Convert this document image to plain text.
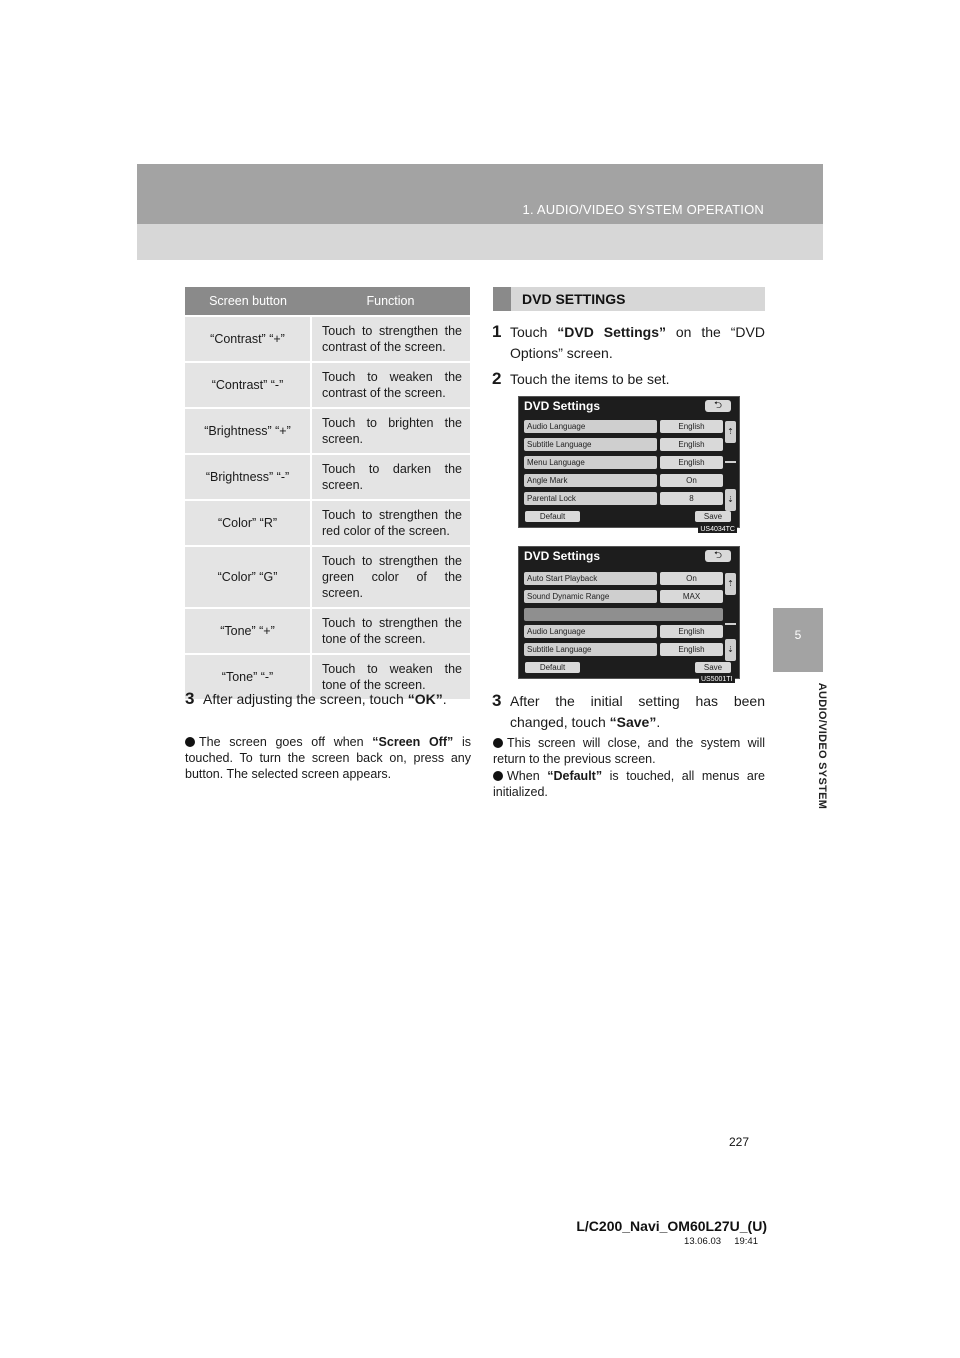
1. AUDIO/VIDEO SYSTEM OPERATION
5
AUDIO/VIDEO SYSTEM
Screen button	Function
“Contrast” “+”	Touch to strengthen the contrast of the screen.
“Contrast” “-”	Touch to weaken the contrast of the screen.
“Brightness” “+”	Touch to brighten the screen.
“Brightness” “-”	Touch to darken the screen.
“Color” “R”	Touch to strengthen the red color of the screen.
“Color” “G”	Touch to strengthen the green color of the screen.
“Tone” “+”	Touch to strengthen the tone of the screen.
“Tone” “-”	Touch to weaken the tone of the screen.
3 After adjusting the screen, touch “OK”.
The screen goes off when “Screen Off” is touched. To turn the screen back on, press any button. The selected screen appears.
DVD SETTINGS
1 Touch “DVD Settings” on the “DVD Options” screen.
2 Touch the items to be set.
DVD Settings	⮌
Audio Language	English
Subtitle Language	English
Menu Language	English
Angle Mark	On
Parental Lock	8
⇡
⇣
Default	Save
US4034TC
DVD Settings	⮌
Auto Start Playback	On
Sound Dynamic Range	MAX
Audio Language	English
Subtitle Language	English
⇡
⇣
Default	Save
US5001TI
3 After the initial setting has been changed, touch “Save”.
This screen will close, and the system will return to the previous screen.
When “Default” is touched, all menus are initialized.
227
L/C200_Navi_OM60L27U_(U)
13.06.03     19:41
